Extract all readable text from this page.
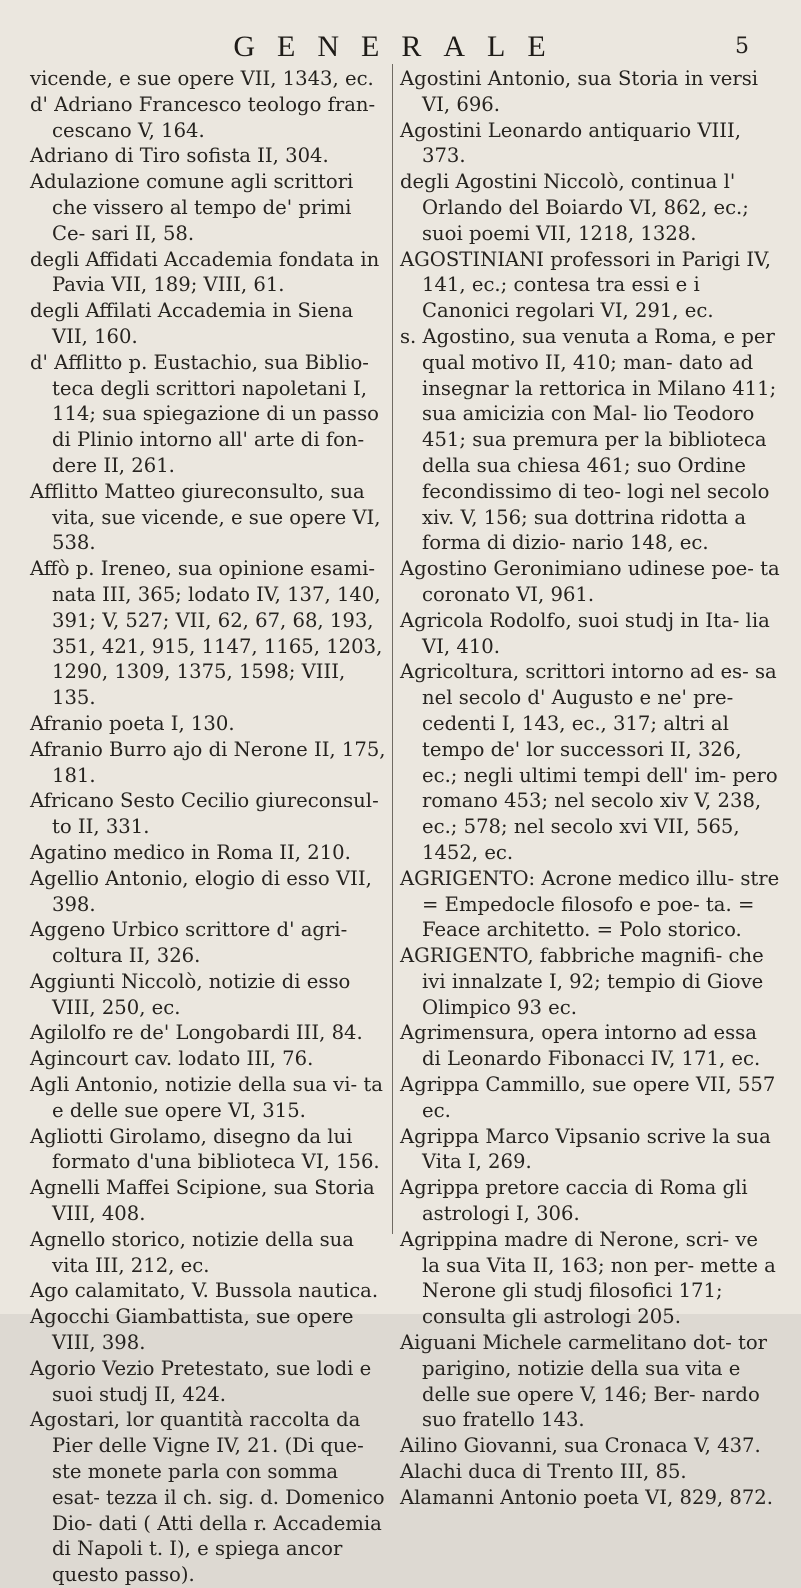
GENERALE	5

vicende, e sue opere VII, 1343, ec.

d' Adriano Francesco teologo fran- cescano V, 164.

Adriano di Tiro sofista II, 304.

Adulazione comune agli scrittori che vissero al tempo de' primi Ce- sari II, 58.

degli Affidati Accademia fondata in Pavia VII, 189; VIII, 61.

degli Affilati Accademia in Siena VII, 160.

d' Afflitto p. Eustachio, sua Biblio- teca degli scrittori napoletani I, 114; sua spiegazione di un passo di Plinio intorno all' arte di fon- dere II, 261.

Afflitto Matteo giureconsulto, sua vita, sue vicende, e sue opere VI, 538.

Affò p. Ireneo, sua opinione esami- nata III, 365; lodato IV, 137, 140, 391; V, 527; VII, 62, 67, 68, 193, 351, 421, 915, 1147, 1165, 1203, 1290, 1309, 1375, 1598; VIII, 135.

Afranio poeta I, 130.

Afranio Burro ajo di Nerone II, 175, 181.

Africano Sesto Cecilio giureconsul- to II, 331.

Agatino medico in Roma II, 210.

Agellio Antonio, elogio di esso VII, 398.

Aggeno Urbico scrittore d' agri- coltura II, 326.

Aggiunti Niccolò, notizie di esso VIII, 250, ec.

Agilolfo re de' Longobardi III, 84.

Agincourt cav. lodato III, 76.

Agli Antonio, notizie della sua vi- ta e delle sue opere VI, 315.

Agliotti Girolamo, disegno da lui formato d'una biblioteca VI, 156.

Agnelli Maffei Scipione, sua Storia VIII, 408.

Agnello storico, notizie della sua vita III, 212, ec.

Ago calamitato, V. Bussola nautica.

Agocchi Giambattista, sue opere VIII, 398.

Agorio Vezio Pretestato, sue lodi e suoi studj II, 424.

Agostari, lor quantità raccolta da Pier delle Vigne IV, 21. (Di que- ste monete parla con somma esat- tezza il ch. sig. d. Domenico Dio- dati ( Atti della r. Accademia di Napoli t. I), e spiega ancor questo passo).

Agostini Antonio, sua Storia in versi VI, 696.

Agostini Leonardo antiquario VIII, 373.

degli Agostini Niccolò, continua l' Orlando del Boiardo VI, 862, ec.; suoi poemi VII, 1218, 1328.

AGOSTINIANI professori in Parigi IV, 141, ec.; contesa tra essi e i Canonici regolari VI, 291, ec.

s. Agostino, sua venuta a Roma, e per qual motivo II, 410; man- dato ad insegnar la rettorica in Milano 411; sua amicizia con Mal- lio Teodoro 451; sua premura per la biblioteca della sua chiesa 461; suo Ordine fecondissimo di teo- logi nel secolo xiv. V, 156; sua dottrina ridotta a forma di dizio- nario 148, ec.

Agostino Geronimiano udinese poe- ta coronato VI, 961.

Agricola Rodolfo, suoi studj in Ita- lia VI, 410.

Agricoltura, scrittori intorno ad es- sa nel secolo d' Augusto e ne' pre- cedenti I, 143, ec., 317; altri al tempo de' lor successori II, 326, ec.; negli ultimi tempi dell' im- pero romano 453; nel secolo xiv V, 238, ec.; 578; nel secolo xvi VII, 565, 1452, ec.

AGRIGENTO: Acrone medico illu- stre = Empedocle filosofo e poe- ta. = Feace architetto. = Polo storico.

AGRIGENTO, fabbriche magnifi- che ivi innalzate I, 92; tempio di Giove Olimpico 93 ec.

Agrimensura, opera intorno ad essa di Leonardo Fibonacci IV, 171, ec.

Agrippa Cammillo, sue opere VII, 557 ec.

Agrippa Marco Vipsanio scrive la sua Vita I, 269.

Agrippa pretore caccia di Roma gli astrologi I, 306.

Agrippina madre di Nerone, scri- ve la sua Vita II, 163; non per- mette a Nerone gli studj filosofici 171; consulta gli astrologi 205.

Aiguani Michele carmelitano dot- tor parigino, notizie della sua vita e delle sue opere V, 146; Ber- nardo suo fratello 143.

Ailino Giovanni, sua Cronaca V, 437.

Alachi duca di Trento III, 85.

Alamanni Antonio poeta VI, 829, 872.
